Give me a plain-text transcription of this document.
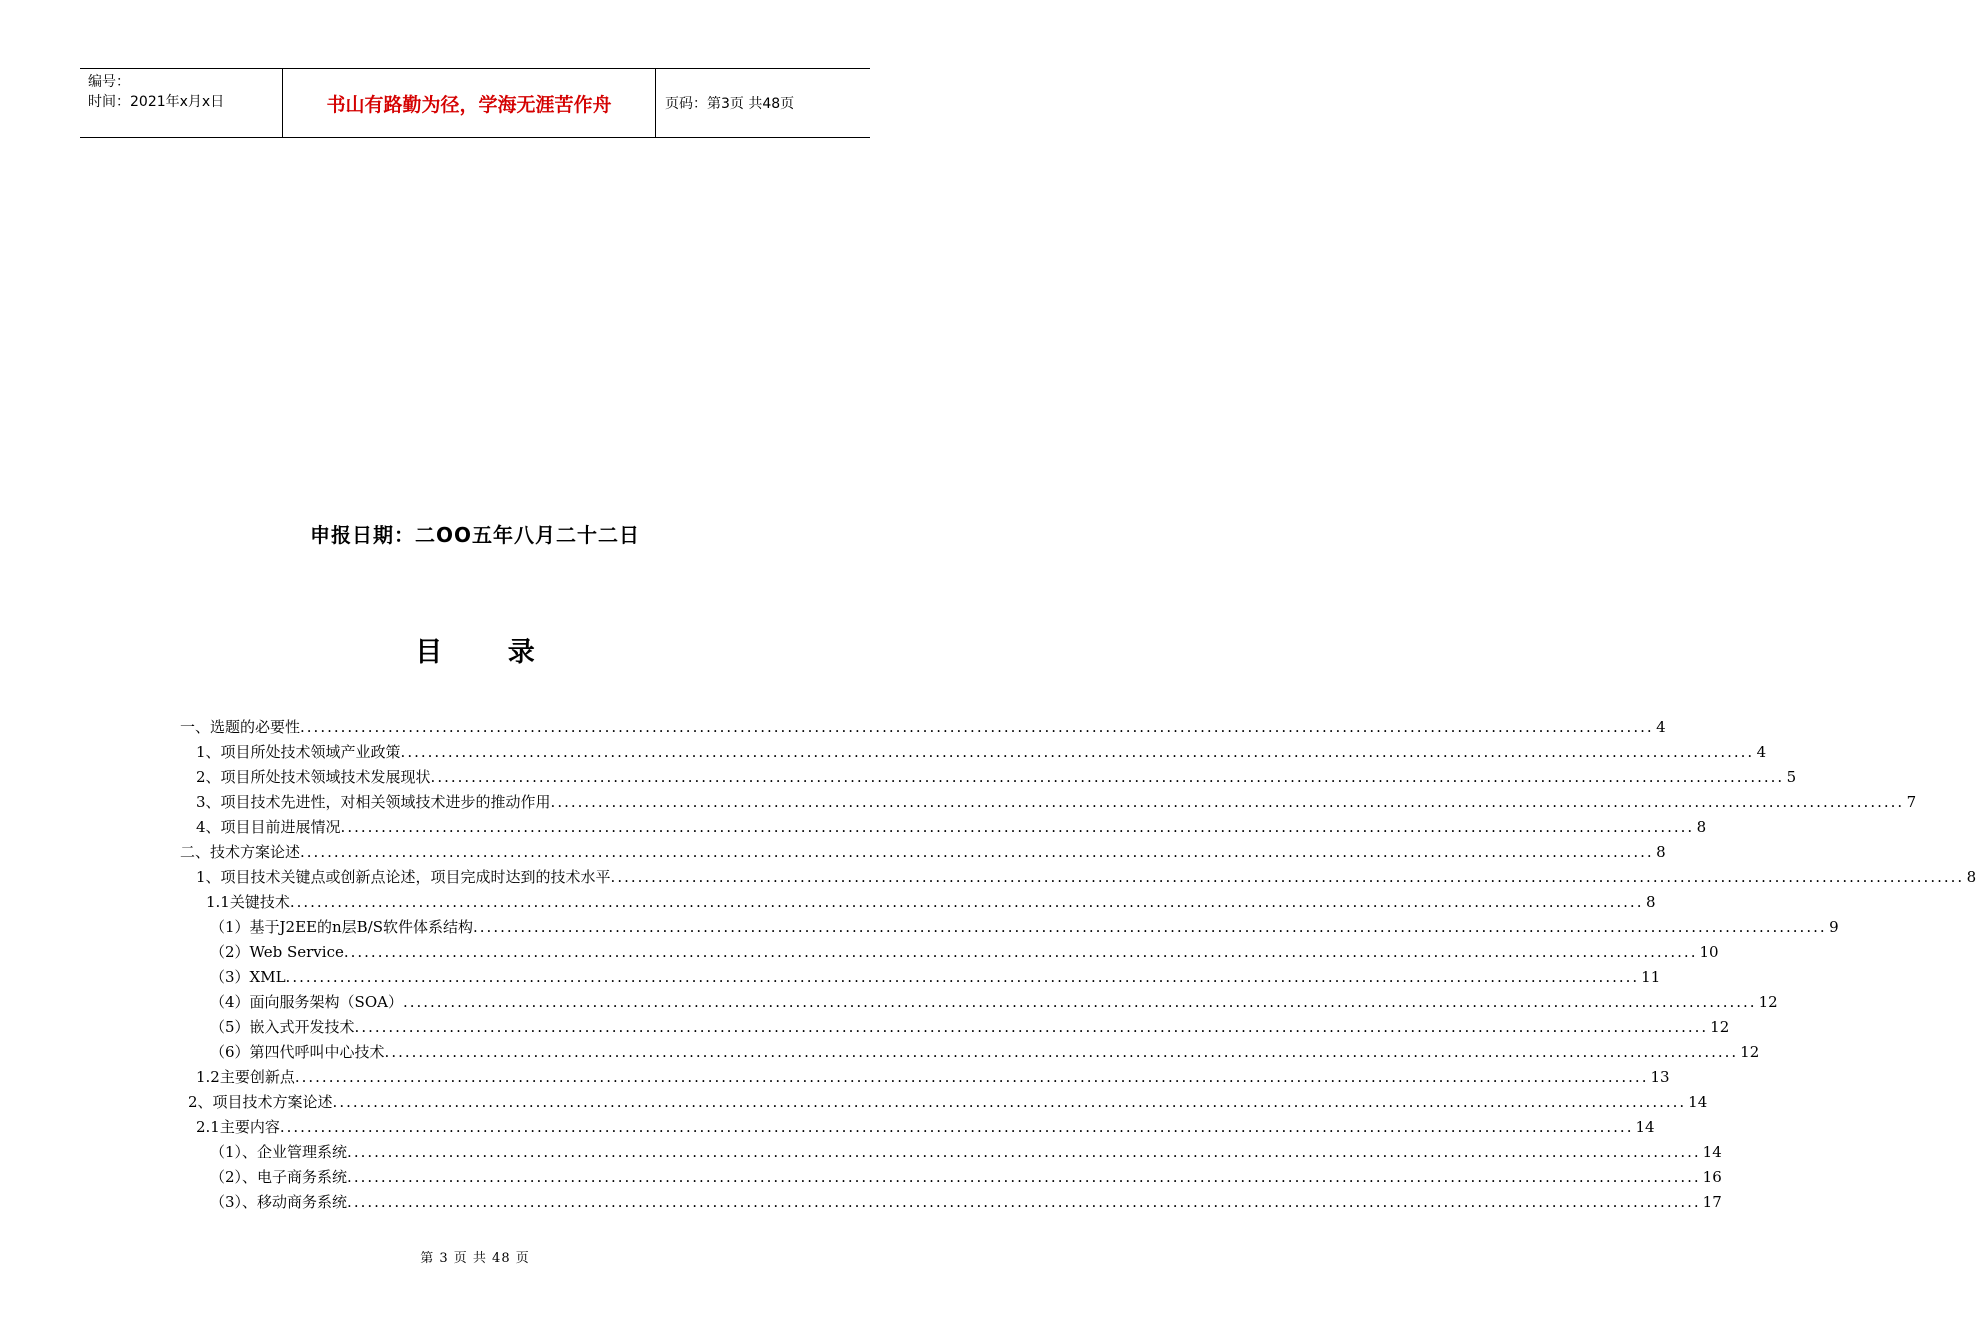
编号：
时间：2021年x月x日	书山有路勤为径，学海无涯苦作舟	页码：第3页 共48页
申报日期：二OO五年八月二十二日
目 录
一、选题的必要性 ........................................................................................................................................................................................................ 4
1、项目所处技术领域产业政策 ........................................................................................................................................................................................................ 4
2、项目所处技术领域技术发展现状 ........................................................................................................................................................................................................ 5
3、项目技术先进性，对相关领域技术进步的推动作用 ........................................................................................................................................................................................................ 7
4、项目目前进展情况 ........................................................................................................................................................................................................ 8
二、技术方案论述 ........................................................................................................................................................................................................ 8
1、项目技术关键点或创新点论述，项目完成时达到的技术水平 ........................................................................................................................................................................................................ 8
1.1关键技术 ........................................................................................................................................................................................................ 8
（1）基于J2EE的n层B/S软件体系结构 ........................................................................................................................................................................................................ 9
（2）Web Service ........................................................................................................................................................................................................ 10
（3）XML ........................................................................................................................................................................................................ 11
（4）面向服务架构（SOA） ........................................................................................................................................................................................................ 12
（5）嵌入式开发技术 ........................................................................................................................................................................................................ 12
（6）第四代呼叫中心技术 ........................................................................................................................................................................................................ 12
1.2主要创新点 ........................................................................................................................................................................................................ 13
2、项目技术方案论述 ........................................................................................................................................................................................................ 14
2.1主要内容 ........................................................................................................................................................................................................ 14
（1）、企业管理系统 ........................................................................................................................................................................................................ 14
（2）、电子商务系统 ........................................................................................................................................................................................................ 16
（3）、移动商务系统 ........................................................................................................................................................................................................ 17
第 3 页 共 48 页
